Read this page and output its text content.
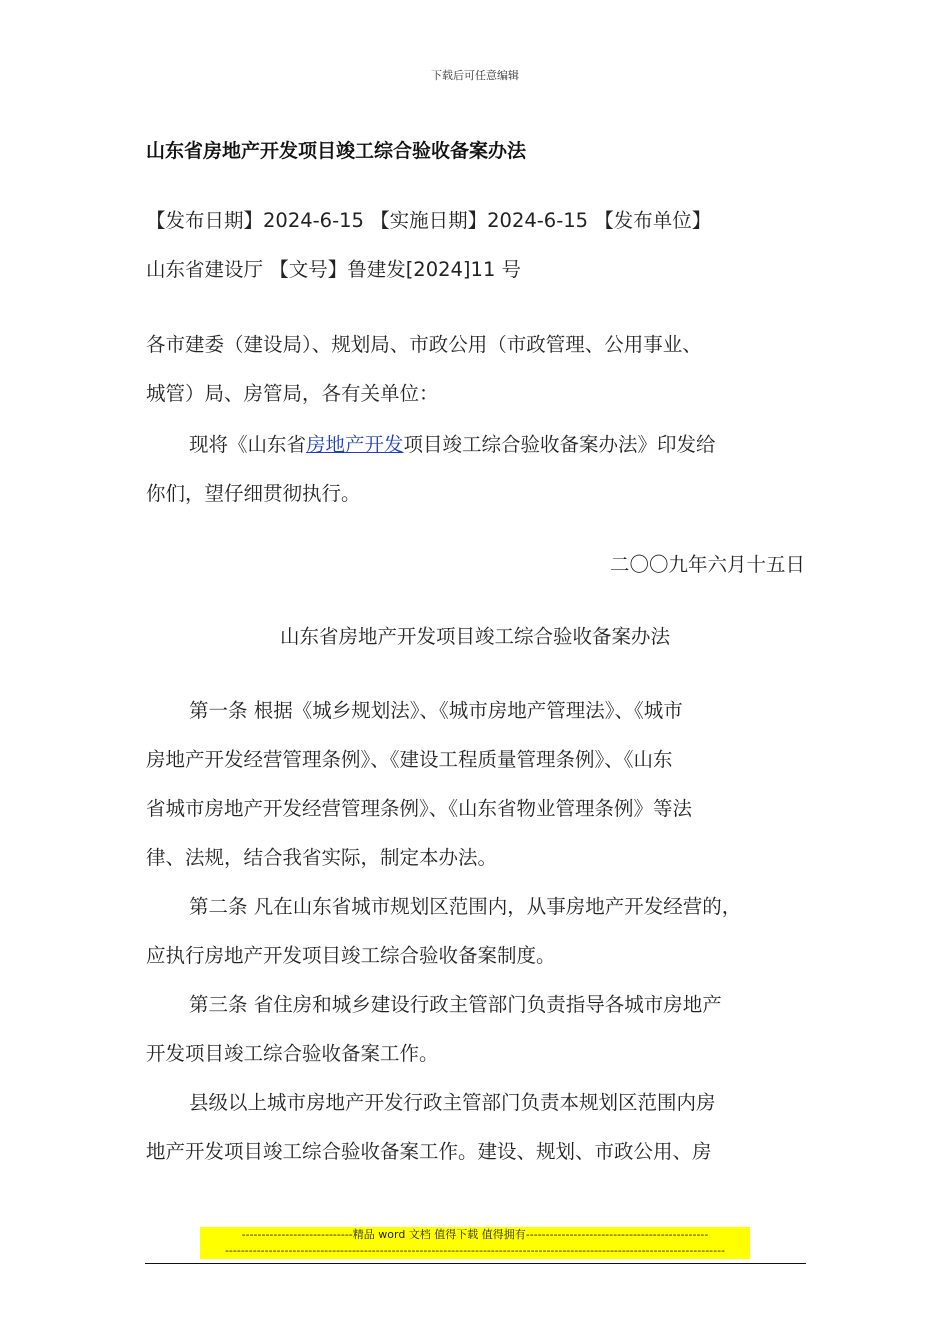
下载后可任意编辑
山东省房地产开发项目竣工综合验收备案办法
【发布日期】2024-6-15 【实施日期】2024-6-15 【发布单位】
山东省建设厅 【文号】鲁建发[2024]11 号
各市建委（建设局）、规划局、市政公用（市政管理、公用事业、
城管）局、房管局，各有关单位：
现将《山东省房地产开发项目竣工综合验收备案办法》印发给
你们，望仔细贯彻执行。
二〇〇九年六月十五日
山东省房地产开发项目竣工综合验收备案办法
第一条 根据《城乡规划法》、《城市房地产管理法》、《城市
房地产开发经营管理条例》、《建设工程质量管理条例》、《山东
省城市房地产开发经营管理条例》、《山东省物业管理条例》等法
律、法规，结合我省实际，制定本办法。
第二条 凡在山东省城市规划区范围内，从事房地产开发经营的，
应执行房地产开发项目竣工综合验收备案制度。
第三条 省住房和城乡建设行政主管部门负责指导各城市房地产
开发项目竣工综合验收备案工作。
县级以上城市房地产开发行政主管部门负责本规划区范围内房
地产开发项目竣工综合验收备案工作。建设、规划、市政公用、房
----------------------------精品 word 文档 值得下载 值得拥有----------------------------------------------
------------------------------------------------------------------------------------------------------------------------------
